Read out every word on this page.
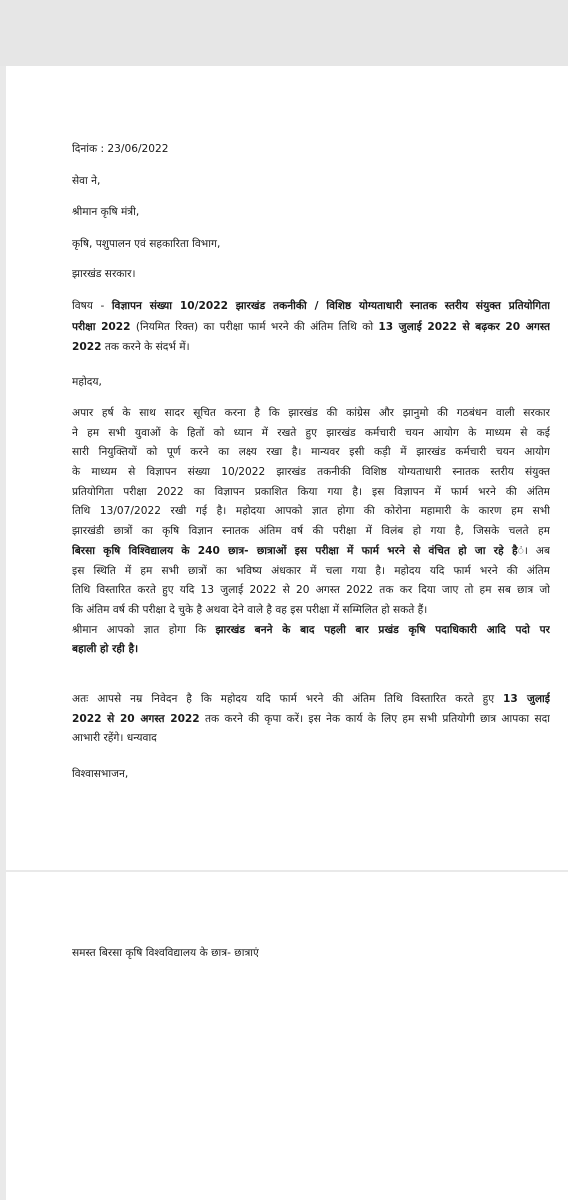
दिनांक : 23/06/2022
सेवा ने,
श्रीमान कृषि मंत्री,
कृषि, पशुपालन एवं सहकारिता विभाग,
झारखंड सरकार।
विषय - विज्ञापन संख्या 10/2022 झारखंड तकनीकी / विशिष्ठ योग्यताधारी स्नातक स्तरीय संयुक्त प्रतियोगिता
परीक्षा 2022 (नियमित रिक्त) का परीक्षा फार्म भरने की अंतिम तिथि को 13 जुलाई 2022 से बढ़कर 20 अगस्त
2022 तक करने के संदर्भ में।
महोदय,
अपार हर्ष के साथ सादर सूचित करना है कि झारखंड की कांग्रेस और झानुमो की गठबंधन वाली सरकार
ने हम सभी युवाओं के हितों को ध्यान में रखते हुए झारखंड कर्मचारी चयन आयोग के माध्यम से कई
सारी नियुक्तियों को पूर्ण करने का लक्ष्य रखा है। मान्यवर इसी कड़ी में झारखंड कर्मचारी चयन आयोग
के माध्यम से विज्ञापन संख्या 10/2022 झारखंड तकनीकी विशिष्ठ योग्यताधारी स्नातक स्तरीय संयुक्त
प्रतियोगिता परीक्षा 2022 का विज्ञापन प्रकाशित किया गया है। इस विज्ञापन में फार्म भरने की अंतिम
तिथि 13/07/2022 रखी गई है। महोदया आपको ज्ञात होगा की कोरोना महामारी के कारण हम सभी
झारखंडी छात्रों का कृषि विज्ञान स्नातक अंतिम वर्ष की परीक्षा में विलंब हो गया है, जिसके चलते हम
बिरसा कृषि विश्विद्यालय के 240 छात्र- छात्राओं इस परीक्षा में फार्म भरने से वंचित हो जा रहे हैं। अब
इस स्थिति में हम सभी छात्रों का भविष्य अंधकार में चला गया है। महोदय यदि फार्म भरने की अंतिम
तिथि विस्तारित करते हुए यदि 13 जुलाई 2022 से 20 अगस्त 2022 तक कर दिया जाए तो हम सब छात्र जो
कि अंतिम वर्ष की परीक्षा दे चुके है अथवा देने वाले है वह इस परीक्षा में सम्मिलित हो सकते हैं।
श्रीमान आपको ज्ञात होगा कि झारखंड बनने के बाद पहली बार प्रखंड कृषि पदाधिकारी आदि पदो पर
बहाली हो रही है।
अतः आपसे नम्र निवेदन है कि महोदय यदि फार्म भरने की अंतिम तिथि विस्तारित करते हुए 13 जुलाई
2022 से 20 अगस्त 2022 तक करने की कृपा करें। इस नेक कार्य के लिए हम सभी प्रतियोगी छात्र आपका सदा
आभारी रहेंगे। धन्यवाद
विश्वासभाजन,
समस्त बिरसा कृषि विश्वविद्यालय के छात्र- छात्राएं
